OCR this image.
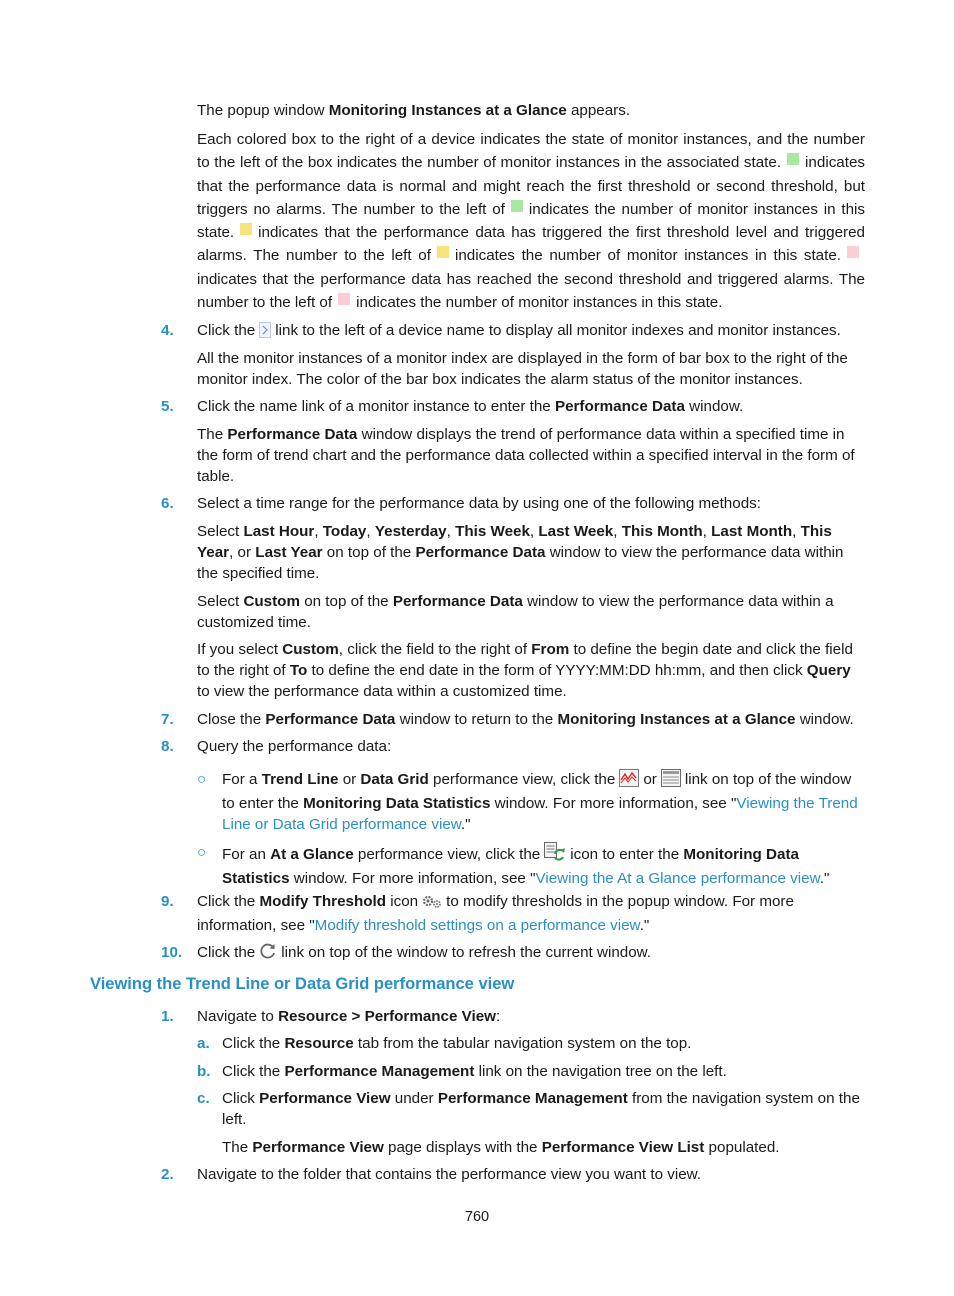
The popup window Monitoring Instances at a Glance appears.

Each colored box to the right of a device indicates the state of monitor instances, and the number to the left of the box indicates the number of monitor instances in the associated state. indicates that the performance data is normal and might reach the first threshold or second threshold, but triggers no alarms. The number to the left of indicates the number of monitor instances in this state. indicates that the performance data has triggered the first threshold level and triggered alarms. The number to the left of indicates the number of monitor instances in this state.indicates that the performance data has reached the second threshold and triggered alarms. The number to the left of indicates the number of monitor instances in this state.

4. Click the link to the left of a device name to display all monitor indexes and monitor instances.

All the monitor instances of a monitor index are displayed in the form of bar box to the right of the monitor index. The color of the bar box indicates the alarm status of the monitor instances.

5. Click the name link of a monitor instance to enter the Performance Data window.

The Performance Data window displays the trend of performance data within a specified time in the form of trend chart and the performance data collected within a specified interval in the form of table.

6. Select a time range for the performance data by using one of the following methods:

Select Last Hour, Today, Yesterday, This Week, Last Week, This Month, Last Month, This Year, or Last Year on top of the Performance Data window to view the performance data within the specified time.

Select Custom on top of the Performance Data window to view the performance data within a customized time.

If you select Custom, click the field to the right of From to define the begin date and click the field to the right of To to define the end date in the form of YYYY:MM:DD hh:mm, and then click Query to view the performance data within a customized time.

7. Close the Performance Data window to return to the Monitoring Instances at a Glance window.

8. Query the performance data:

○ For a Trend Line or Data Grid performance view, click the or link on top of the window to enter the Monitoring Data Statistics window. For more information, see "Viewing the Trend Line or Data Grid performance view."

○ For an At a Glance performance view, click the icon to enter the Monitoring Data Statistics window. For more information, see "Viewing the At a Glance performance view."

9. Click the Modify Threshold icon to modify thresholds in the popup window. For more information, see "Modify threshold settings on a performance view."

10. Click the link on top of the window to refresh the current window.

Viewing the Trend Line or Data Grid performance view
1. Navigate to Resource > Performance View:

a. Click the Resource tab from the tabular navigation system on the top.

b. Click the Performance Management link on the navigation tree on the left.

c. Click Performance View under Performance Management from the navigation system on the left.

The Performance View page displays with the Performance View List populated.

2. Navigate to the folder that contains the performance view you want to view.

760
